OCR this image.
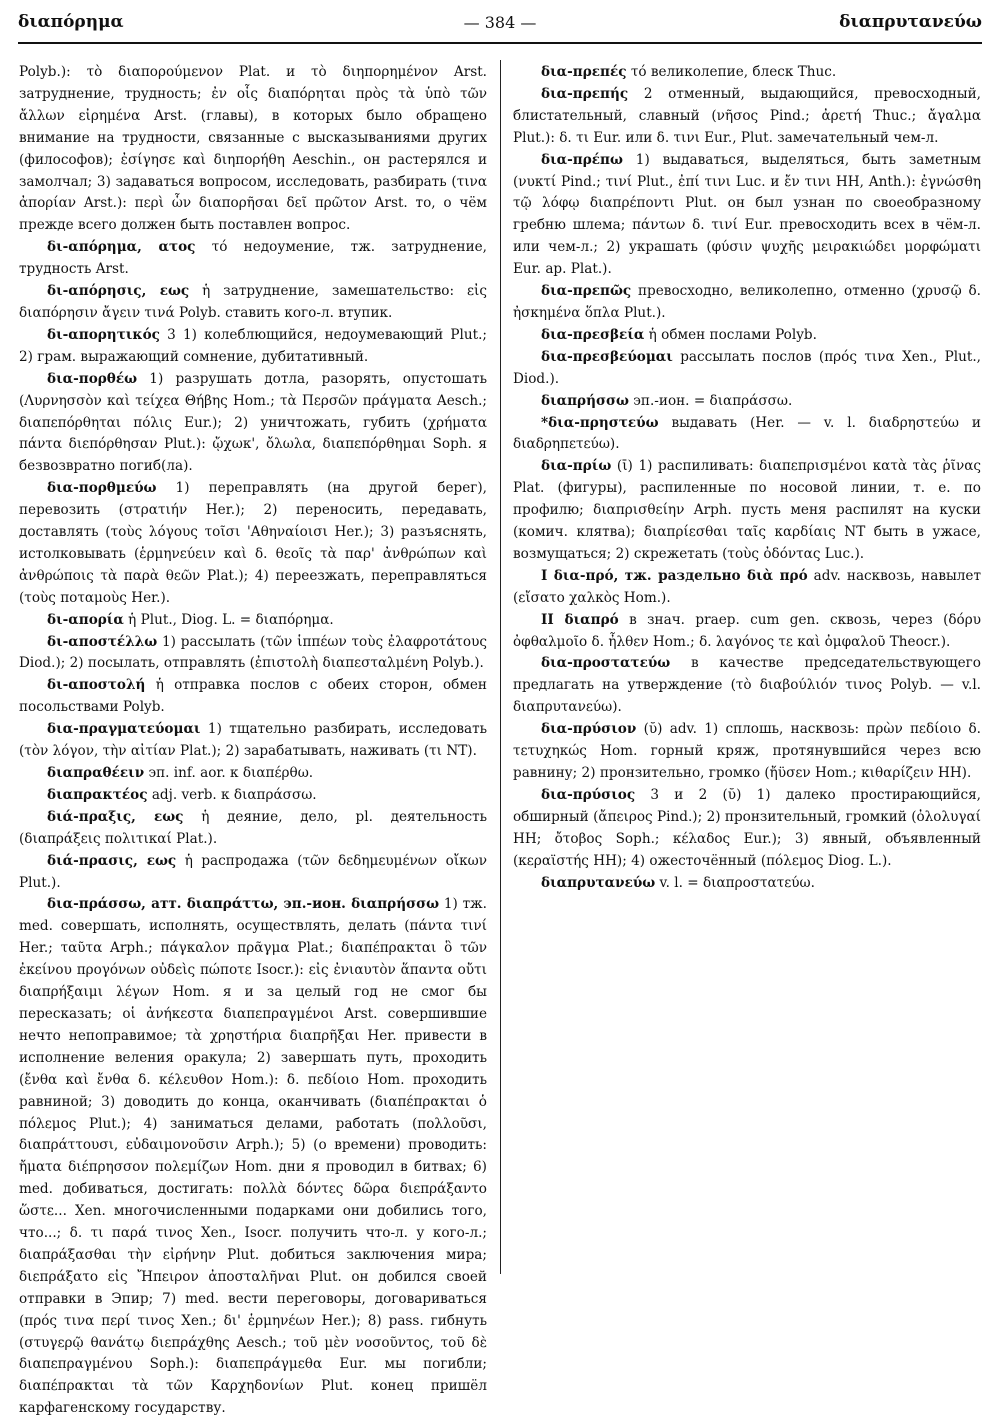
διαπόρημα	— 384 —	διαπρυτανεύω

Polyb.): τὸ διαπορούμενον Plat. и τὸ διηπορημένον Arst. затруднение, трудность; ἐν οἷς διαπόρηται πρὸς τὰ ὑπὸ τῶν ἄλλων εἰρημένα Arst. (главы), в которых было обращено внимание на трудности, связанные с высказываниями других (философов); ἐσίγησε καὶ διηπορήθη Aeschin., он растерялся и замолчал; 3) задаваться вопросом, исследовать, разбирать (τινα ἀπορίαν Arst.): περὶ ὧν διαπορῆσαι δεῖ πρῶτον Arst. то, о чём прежде всего должен быть поставлен вопрос.

δι-απόρημα, ατος τό недоумение, тж. затруднение, трудность Arst.

δι-απόρησις, εως ἡ затруднение, замешательство: εἰς διαπόρησιν ἄγειν τινά Polyb. ставить кого-л. втупик.

δι-απορητικός 3 1) колеблющийся, недоумевающий Plut.; 2) грам. выражающий сомнение, дубитативный.

δια-πορθέω 1) разрушать дотла, разорять, опустошать (Λυρνησσὸν καὶ τείχεα Θήβης Hom.; τὰ Περσῶν πράγματα Aesch.; διαπεπόρθηται πόλις Eur.); 2) уничтожать, губить (χρήματα πάντα διεπόρθησαν Plut.): ᾤχωκ', ὄλωλα, διαπεπόρθημαι Soph. я безвозвратно погиб(ла).

δια-πορθμεύω 1) переправлять (на другой берег), перевозить (στρατιήν Her.); 2) переносить, передавать, доставлять (τοὺς λόγους τοῖσι 'Αθηναίοισι Her.); 3) разъяснять, истолковывать (ἑρμηνεύειν καὶ δ. θεοῖς τὰ παρ' ἀνθρώπων καὶ ἀνθρώποις τὰ παρὰ θεῶν Plat.); 4) переезжать, переправляться (τοὺς ποταμοὺς Her.).

δι-απορία ἡ Plut., Diog. L. = διαπόρημα.

δι-αποστέλλω 1) рассылать (τῶν ἱππέων τοὺς ἐλαφροτάτους Diod.); 2) посылать, отправлять (ἐπιστολὴ διαπεσταλμένη Polyb.).

δι-αποστολή ἡ отправка послов с обеих сторон, обмен посольствами Polyb.

δια-πραγματεύομαι 1) тщательно разбирать, исследовать (τὸν λόγον, τὴν αἰτίαν Plat.); 2) зарабатывать, наживать (τι NT).

διαπραθέειν эп. inf. aor. к διαπέρθω.

διαπρακτέος adj. verb. к διαπράσσω.

διά-πραξις, εως ἡ деяние, дело, pl. деятельность (διαπράξεις πολιτικαί Plat.).

διά-πρασις, εως ἡ распродажа (τῶν δεδημευμένων οἴκων Plut.).

δια-πράσσω, атт. διαπράττω, эп.-ион. διαπρήσσω 1) тж. med. совершать, исполнять, осуществлять, делать (πάντα τινί Her.; ταῦτα Arph.; πάγκαλον πρᾶγμα Plat.; διαπέπρακται ὃ τῶν ἐκείνου προγόνων οὐδεὶς πώποτε Isocr.): εἰς ἐνιαυτὸν ἅπαντα οὔτι διαπρήξαιμι λέγων Hom. я и за целый год не смог бы пересказать; οἱ ἀνήκεστα διαπεπραγμένοι Arst. совершившие нечто непоправимое; τὰ χρηστήρια διαπρῆξαι Her. привести в исполнение веления оракула; 2) завершать путь, проходить (ἔνθα καὶ ἔνθα δ. κέλευθον Hom.): δ. πεδίοιο Hom. проходить равниной; 3) доводить до конца, оканчивать (διαπέπρακται ὁ πόλεμος Plut.); 4) заниматься делами, работать (πολλοῦσι, διαπράττουσι, εὐδαιμονοῦσιν Arph.); 5) (о времени) проводить: ἤματα διέπρησσον πολεμίζων Hom. дни я проводил в битвах; 6) med. добиваться, достигать: πολλὰ δόντες δῶρα διεπράξαντο ὥστε... Xen. многочисленными подарками они добились того, что...; δ. τι παρά τινος Xen., Isocr. получить что-л. у кого-л.; διαπράξασθαι τὴν εἰρήνην Plut. добиться заключения мира; διεπράξατο εἰς Ἤπειρον ἀποσταλῆναι Plut. он добился своей отправки в Эпир; 7) med. вести переговоры, договариваться (πρός τινα περί τινος Xen.; δι' ἑρμηνέων Her.); 8) pass. гибнуть (στυγερῷ θανάτῳ διεπράχθης Aesch.; τοῦ μὲν νοσοῦντος, τοῦ δὲ διαπεπραγμένου Soph.): διαπεπράγμεθα Eur. мы погибли; διαπέπρακται τὰ τῶν Καρχηδονίων Plut. конец пришёл карфагенскому государству.

δια-πρεπές τό великолепие, блеск Thuc.

δια-πρεπής 2 отменный, выдающийся, превосходный, блистательный, славный (νῆσος Pind.; ἀρετή Thuc.; ἄγαλμα Plut.): δ. τι Eur. или δ. τινι Eur., Plut. замечательный чем-л.

δια-πρέπω 1) выдаваться, выделяться, быть заметным (νυκτί Pind.; τινί Plut., ἐπί τινι Luc. и ἔν τινι HH, Anth.): ἐγνώσθη τῷ λόφῳ διαπρέποντι Plut. он был узнан по своеобразному гребню шлема; πάντων δ. τινί Eur. превосходить всех в чём-л. или чем-л.; 2) украшать (φύσιν ψυχῆς μειρακιώδει μορφώματι Eur. ap. Plat.).

δια-πρεπῶς превосходно, великолепно, отменно (χρυσῷ δ. ἠσκημένα ὅπλα Plut.).

δια-πρεσβεία ἡ обмен послами Polyb.

δια-πρεσβεύομαι рассылать послов (πρός τινα Xen., Plut., Diod.).

διαπρήσσω эп.-ион. = διαπράσσω.

*δια-πρηστεύω выдавать (Her. — v. l. διαδρηστεύω и διαδρηπετεύω).

δια-πρίω (ῑ) 1) распиливать: διαπεπρισμένοι κατὰ τὰς ῥῖνας Plat. (фигуры), распиленные по носовой линии, т. е. по профилю; διαπρισθείην Arph. пусть меня распилят на куски (комич. клятва); διαπρίεσθαι ταῖς καρδίαις NT быть в ужасе, возмущаться; 2) скрежетать (τοὺς ὀδόντας Luc.).

I δια-πρό, тж. раздельно διὰ πρό adv. насквозь, навылет (εἴσατο χαλκὸς Hom.).

II διαπρό в знач. praep. cum gen. сквозь, через (δόρυ ὀφθαλμοῖο δ. ἦλθεν Hom.; δ. λαγόνος τε καὶ ὀμφαλοῦ Theocr.).

δια-προστατεύω в качестве председательствующего предлагать на утверждение (τὸ διαβούλιόν τινος Polyb. — v.l. διαπρυτανεύω).

δια-πρύσιον (ῠ) adv. 1) сплошь, насквозь: πρὼν πεδίοιο δ. τετυχηκώς Hom. горный кряж, протянувшийся через всю равнину; 2) пронзительно, громко (ἤϋσεν Hom.; κιθαρίζειν HH).

δια-πρύσιος 3 и 2 (ῠ) 1) далеко простирающийся, обширный (ἄπειρος Pind.); 2) пронзительный, громкий (ὀλολυγαί HH; ὄτοβος Soph.; κέλαδος Eur.); 3) явный, объявленный (κεραϊστής HH); 4) ожесточённый (πόλεμος Diog. L.).

διαπρυτανεύω v. l. = διαπροστατεύω.
